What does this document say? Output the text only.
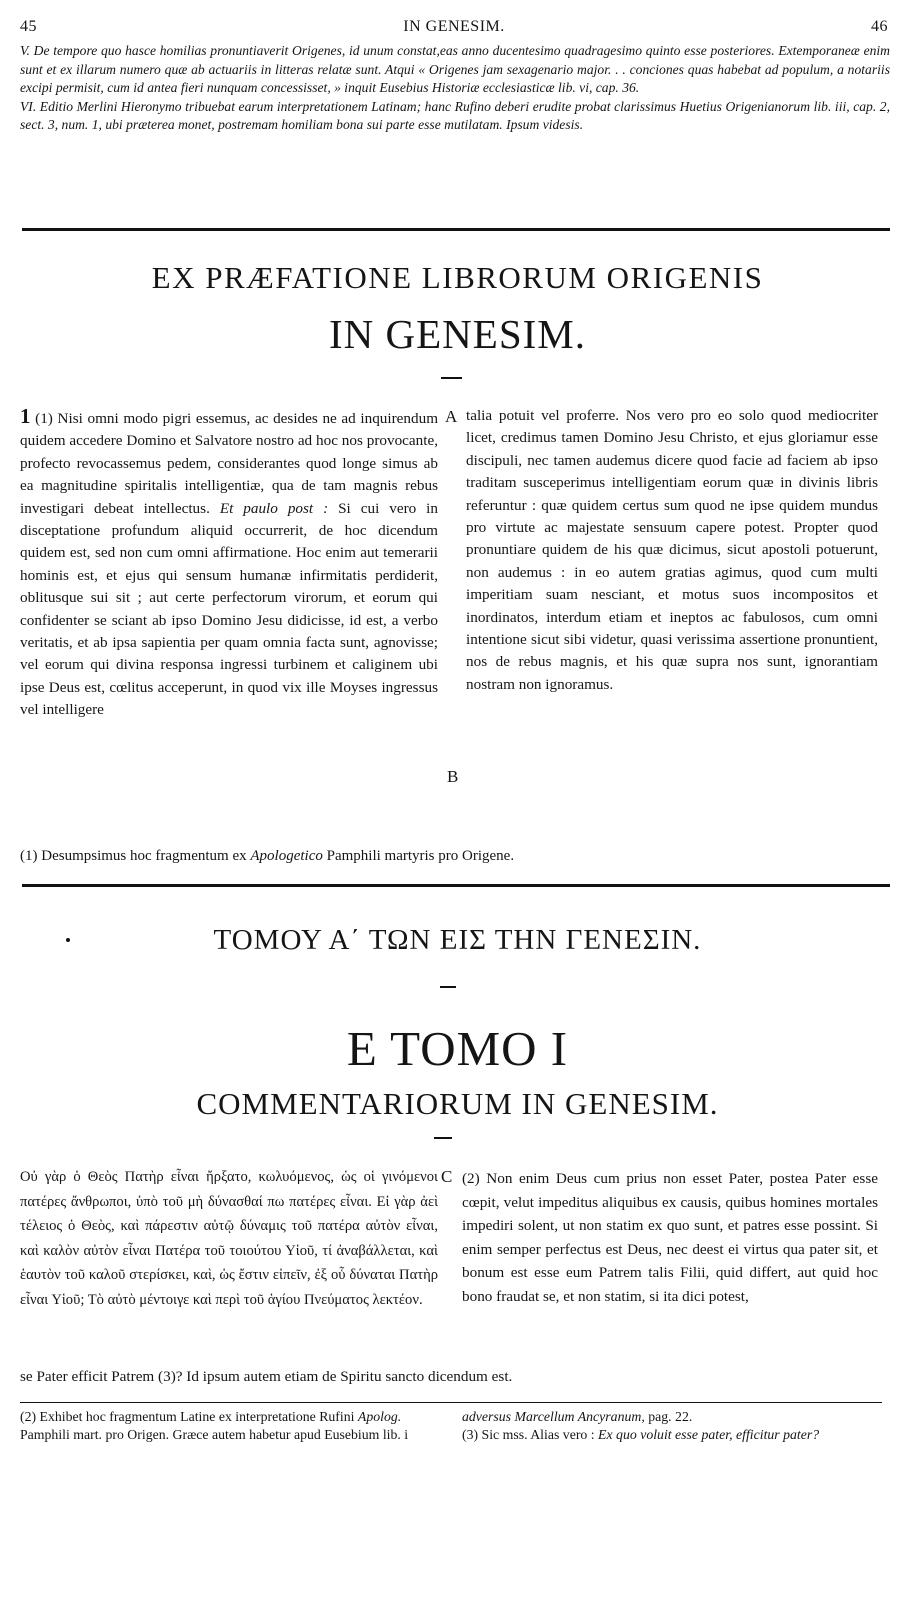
45	IN GENESIM.	46

V. De tempore quo hasce homilias pronuntiaverit Origenes, id unum constat,eas anno ducentesimo quadragesimo quinto esse posteriores. Extemporaneæ enim sunt et ex illarum numero quæ ab actuariis in litteras relatæ sunt. Atqui « Origenes jam sexagenario major. . . conciones quas habebat ad populum, a notariis excipi permisit, cum id antea fieri nunquam concessisset, » inquit Eusebius Historiæ ecclesiasticæ lib. vi, cap. 36.

VI. Editio Merlini Hieronymo tribuebat earum interpretationem Latinam; hanc Rufino deberi erudite probat clarissimus Huetius Origenianorum lib. iii, cap. 2, sect. 3, num. 1, ubi præterea monet, postremam homiliam bona sui parte esse mutilatam. Ipsum videsis.

EX PRÆFATIONE LIBRORUM ORIGENIS
IN GENESIM.

1 (1) Nisi omni modo pigri essemus, ac desides ne ad inquirendum quidem accedere Domino et Salvatore nostro ad hoc nos provocante, profecto revocassemus pedem, considerantes quod longe simus ab ea magnitudine spiritalis intelligentiæ, qua de tam magnis rebus investigari debeat intellectus. Et paulo post : Si cui vero in disceptatione profundum aliquid occurrerit, de hoc dicendum quidem est, sed non cum omni affirmatione. Hoc enim aut temerarii hominis est, et ejus qui sensum humanæ infirmitatis perdiderit, oblitusque sui sit ; aut certe perfectorum virorum, et eorum qui confidenter se sciant ab ipso Domino Jesu didicisse, id est, a verbo veritatis, et ab ipsa sapientia per quam omnia facta sunt, agnovisse; vel eorum qui divina responsa ingressi turbinem et caliginem ubi ipse Deus est, cœlitus acceperunt, in quod vix ille Moyses ingressus vel intelligere

A
B

talia potuit vel proferre. Nos vero pro eo solo quod mediocriter licet, credimus tamen Domino Jesu Christo, et ejus gloriamur esse discipuli, nec tamen audemus dicere quod facie ad faciem ab ipso traditam susceperimus intelligentiam eorum quæ in divinis libris referuntur : quæ quidem certus sum quod ne ipse quidem mundus pro virtute ac majestate sensuum capere potest. Propter quod pronuntiare quidem de his quæ dicimus, sicut apostoli potuerunt, non audemus : in eo autem gratias agimus, quod cum multi imperitiam suam nesciant, et motus suos incompositos et inordinatos, interdum etiam et ineptos ac fabulosos, cum omni intentione sicut sibi videtur, quasi verissima assertione pronuntient, nos de rebus magnis, et his quæ supra nos sunt, ignorantiam nostram non ignoramus.

(1) Desumpsimus hoc fragmentum ex Apologetico Pamphili martyris pro Origene.
ΤΟΜΟΥ Α΄ ΤΩΝ ΕΙΣ ΤΗΝ ΓΕΝΕΣΙΝ.
E TOMO I
COMMENTARIORUM IN GENESIM.

Οὐ γὰρ ὁ Θεὸς Πατὴρ εἶναι ἤρξατο, κωλυόμενος, ὡς οἱ γινόμενοι πατέρες ἄνθρωποι, ὑπὸ τοῦ μὴ δύνασθαί πω πατέρες εἶναι. Εἰ γὰρ ἀεὶ τέλειος ὁ Θεὸς, καὶ πάρεστιν αὐτῷ δύναμις τοῦ πατέρα αὐτὸν εἶναι, καὶ καλὸν αὐτὸν εἶναι Πατέρα τοῦ τοιούτου Υἱοῦ, τί ἀναβάλλεται, καὶ ἑαυτὸν τοῦ καλοῦ στερίσκει, καὶ, ὡς ἔστιν εἰπεῖν, ἐξ οὗ δύναται Πατὴρ εἶναι Υἱοῦ; Τὸ αὐτὸ μέντοιγε καὶ περὶ τοῦ ἁγίου Πνεύματος λεκτέον.

C (2) Non enim Deus cum prius non esset Pater, postea Pater esse cœpit, velut impeditus aliquibus ex causis, quibus homines mortales impediri solent, ut non statim ex quo sunt, et patres esse possint. Si enim semper perfectus est Deus, nec deest ei virtus qua pater sit, et bonum est esse eum Patrem talis Filii, quid differt, aut quid hoc bono fraudat se, et non statim, si ita dici potest,

se Pater efficit Patrem (3)? Id ipsum autem etiam de Spiritu sancto dicendum est.
(2) Exhibet hoc fragmentum Latine ex interpretatione Rufini Apolog. Pamphili mart. pro Origen. Græce autem habetur apud Eusebium lib. i
adversus Marcellum Ancyranum, pag. 22.
(3) Sic mss. Alias vero : Ex quo voluit esse pater, efficitur pater?
